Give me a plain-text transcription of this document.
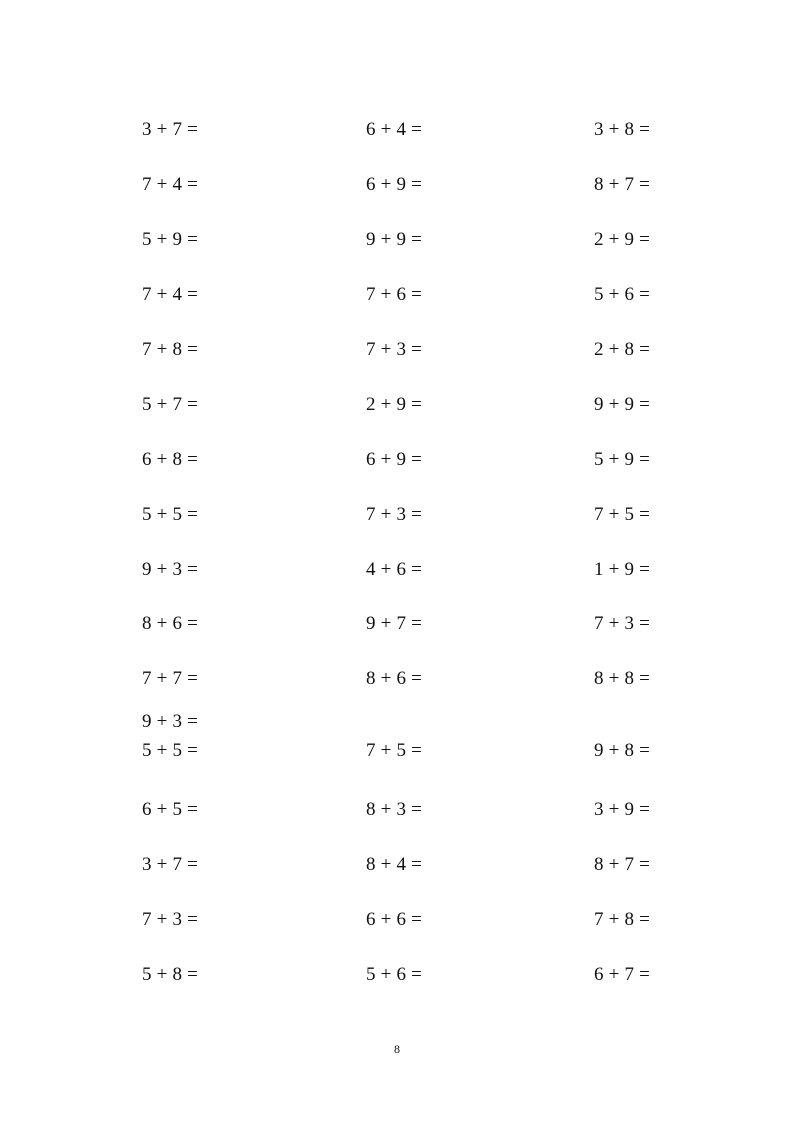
3 + 7 =	6 + 4 =	3 + 8 =
7 + 4 =	6 + 9 =	8 + 7 =
5 + 9 =	9 + 9 =	2 + 9 =
7 + 4 =	7 + 6 =	5 + 6 =
7 + 8 =	7 + 3 =	2 + 8 =
5 + 7 =	2 + 9 =	9 + 9 =
6 + 8 =	6 + 9 =	5 + 9 =
5 + 5 =	7 + 3 =	7 + 5 =
9 + 3 =	4 + 6 =	1 + 9 =
8 + 6 =	9 + 7 =	7 + 3 =
7 + 7 =	8 + 6 =	8 + 8 =
9 + 3 =
5 + 5 =	7 + 5 =	9 + 8 =
6 + 5 =	8 + 3 =	3 + 9 =
3 + 7 =	8 + 4 =	8 + 7 =
7 + 3 =	6 + 6 =	7 + 8 =
5 + 8 =	5 + 6 =	6 + 7 =
8
